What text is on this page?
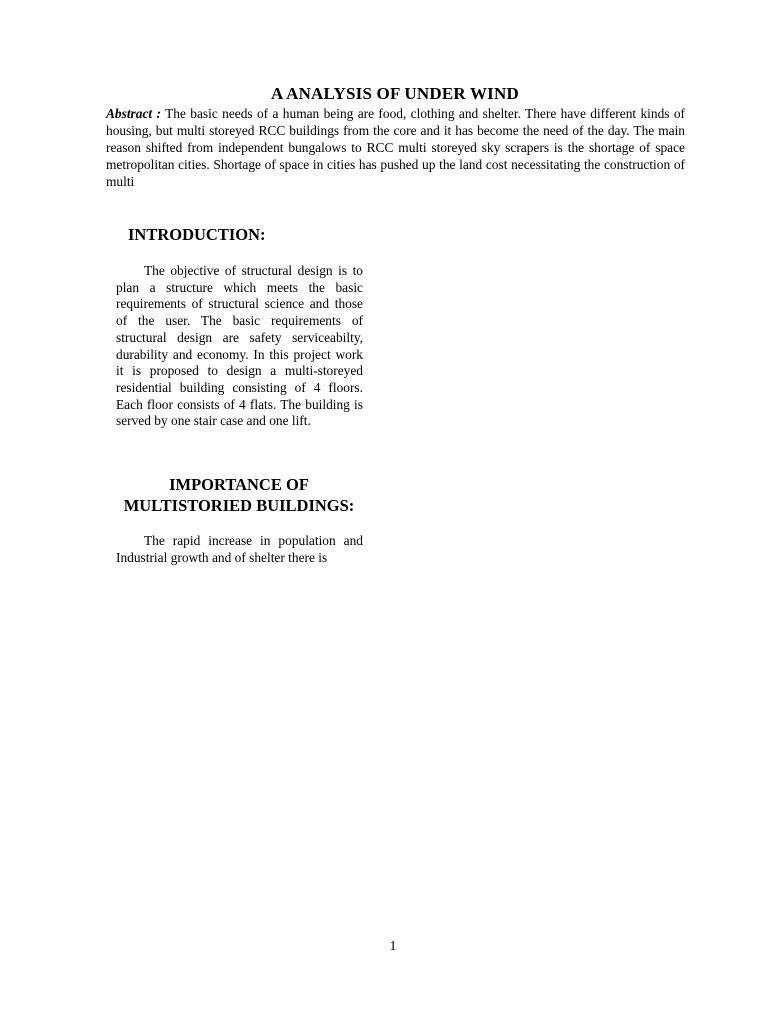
A ANALYSIS OF UNDER WIND
Abstract : The basic needs of a human being are food, clothing and shelter. There have different kinds of housing, but multi storeyed RCC buildings from the core and it has become the need of the day. The main reason shifted from independent bungalows to RCC multi storeyed sky scrapers is the shortage of space metropolitan cities. Shortage of space in cities has pushed up the land cost necessitating the construction of multi
INTRODUCTION:
The objective of structural design is to plan a structure which meets the basic requirements of structural science and those of the user. The basic requirements of structural design are safety serviceabilty, durability and economy. In this project work it is proposed to design a multi-storeyed residential building consisting of 4 floors. Each floor consists of 4 flats. The building is served by one stair case and one lift.
IMPORTANCE OF
MULTISTORIED BUILDINGS:
The rapid increase in population and Industrial growth and of shelter there is
1
